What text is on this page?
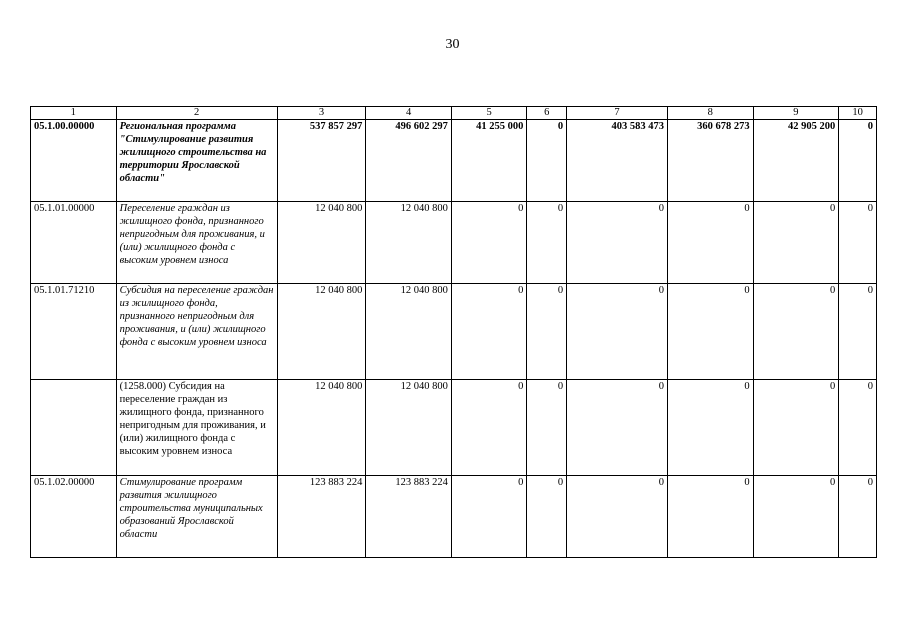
30
1	2	3	4	5	6	7	8	9	10
05.1.00.00000	Региональная программа "Стимулирование развития жилищного строительства на территории Ярославской области"	537 857 297	496 602 297	41 255 000	0	403 583 473	360 678 273	42 905 200	0
05.1.01.00000	Переселение граждан из жилищного фонда, признанного непригодным для проживания, и (или) жилищного фонда с высоким уровнем износа	12 040 800	12 040 800	0	0	0	0	0	0
05.1.01.71210	Субсидия на переселение граждан из жилищного фонда, признанного непригодным для проживания, и (или) жилищного фонда с высоким уровнем износа	12 040 800	12 040 800	0	0	0	0	0	0
	(1258.000) Субсидия на переселение граждан из жилищного фонда, признанного непригодным для проживания, и (или) жилищного фонда с высоким уровнем износа	12 040 800	12 040 800	0	0	0	0	0	0
05.1.02.00000	Стимулирование программ развития жилищного строительства муниципальных образований Ярославской области	123 883 224	123 883 224	0	0	0	0	0	0
